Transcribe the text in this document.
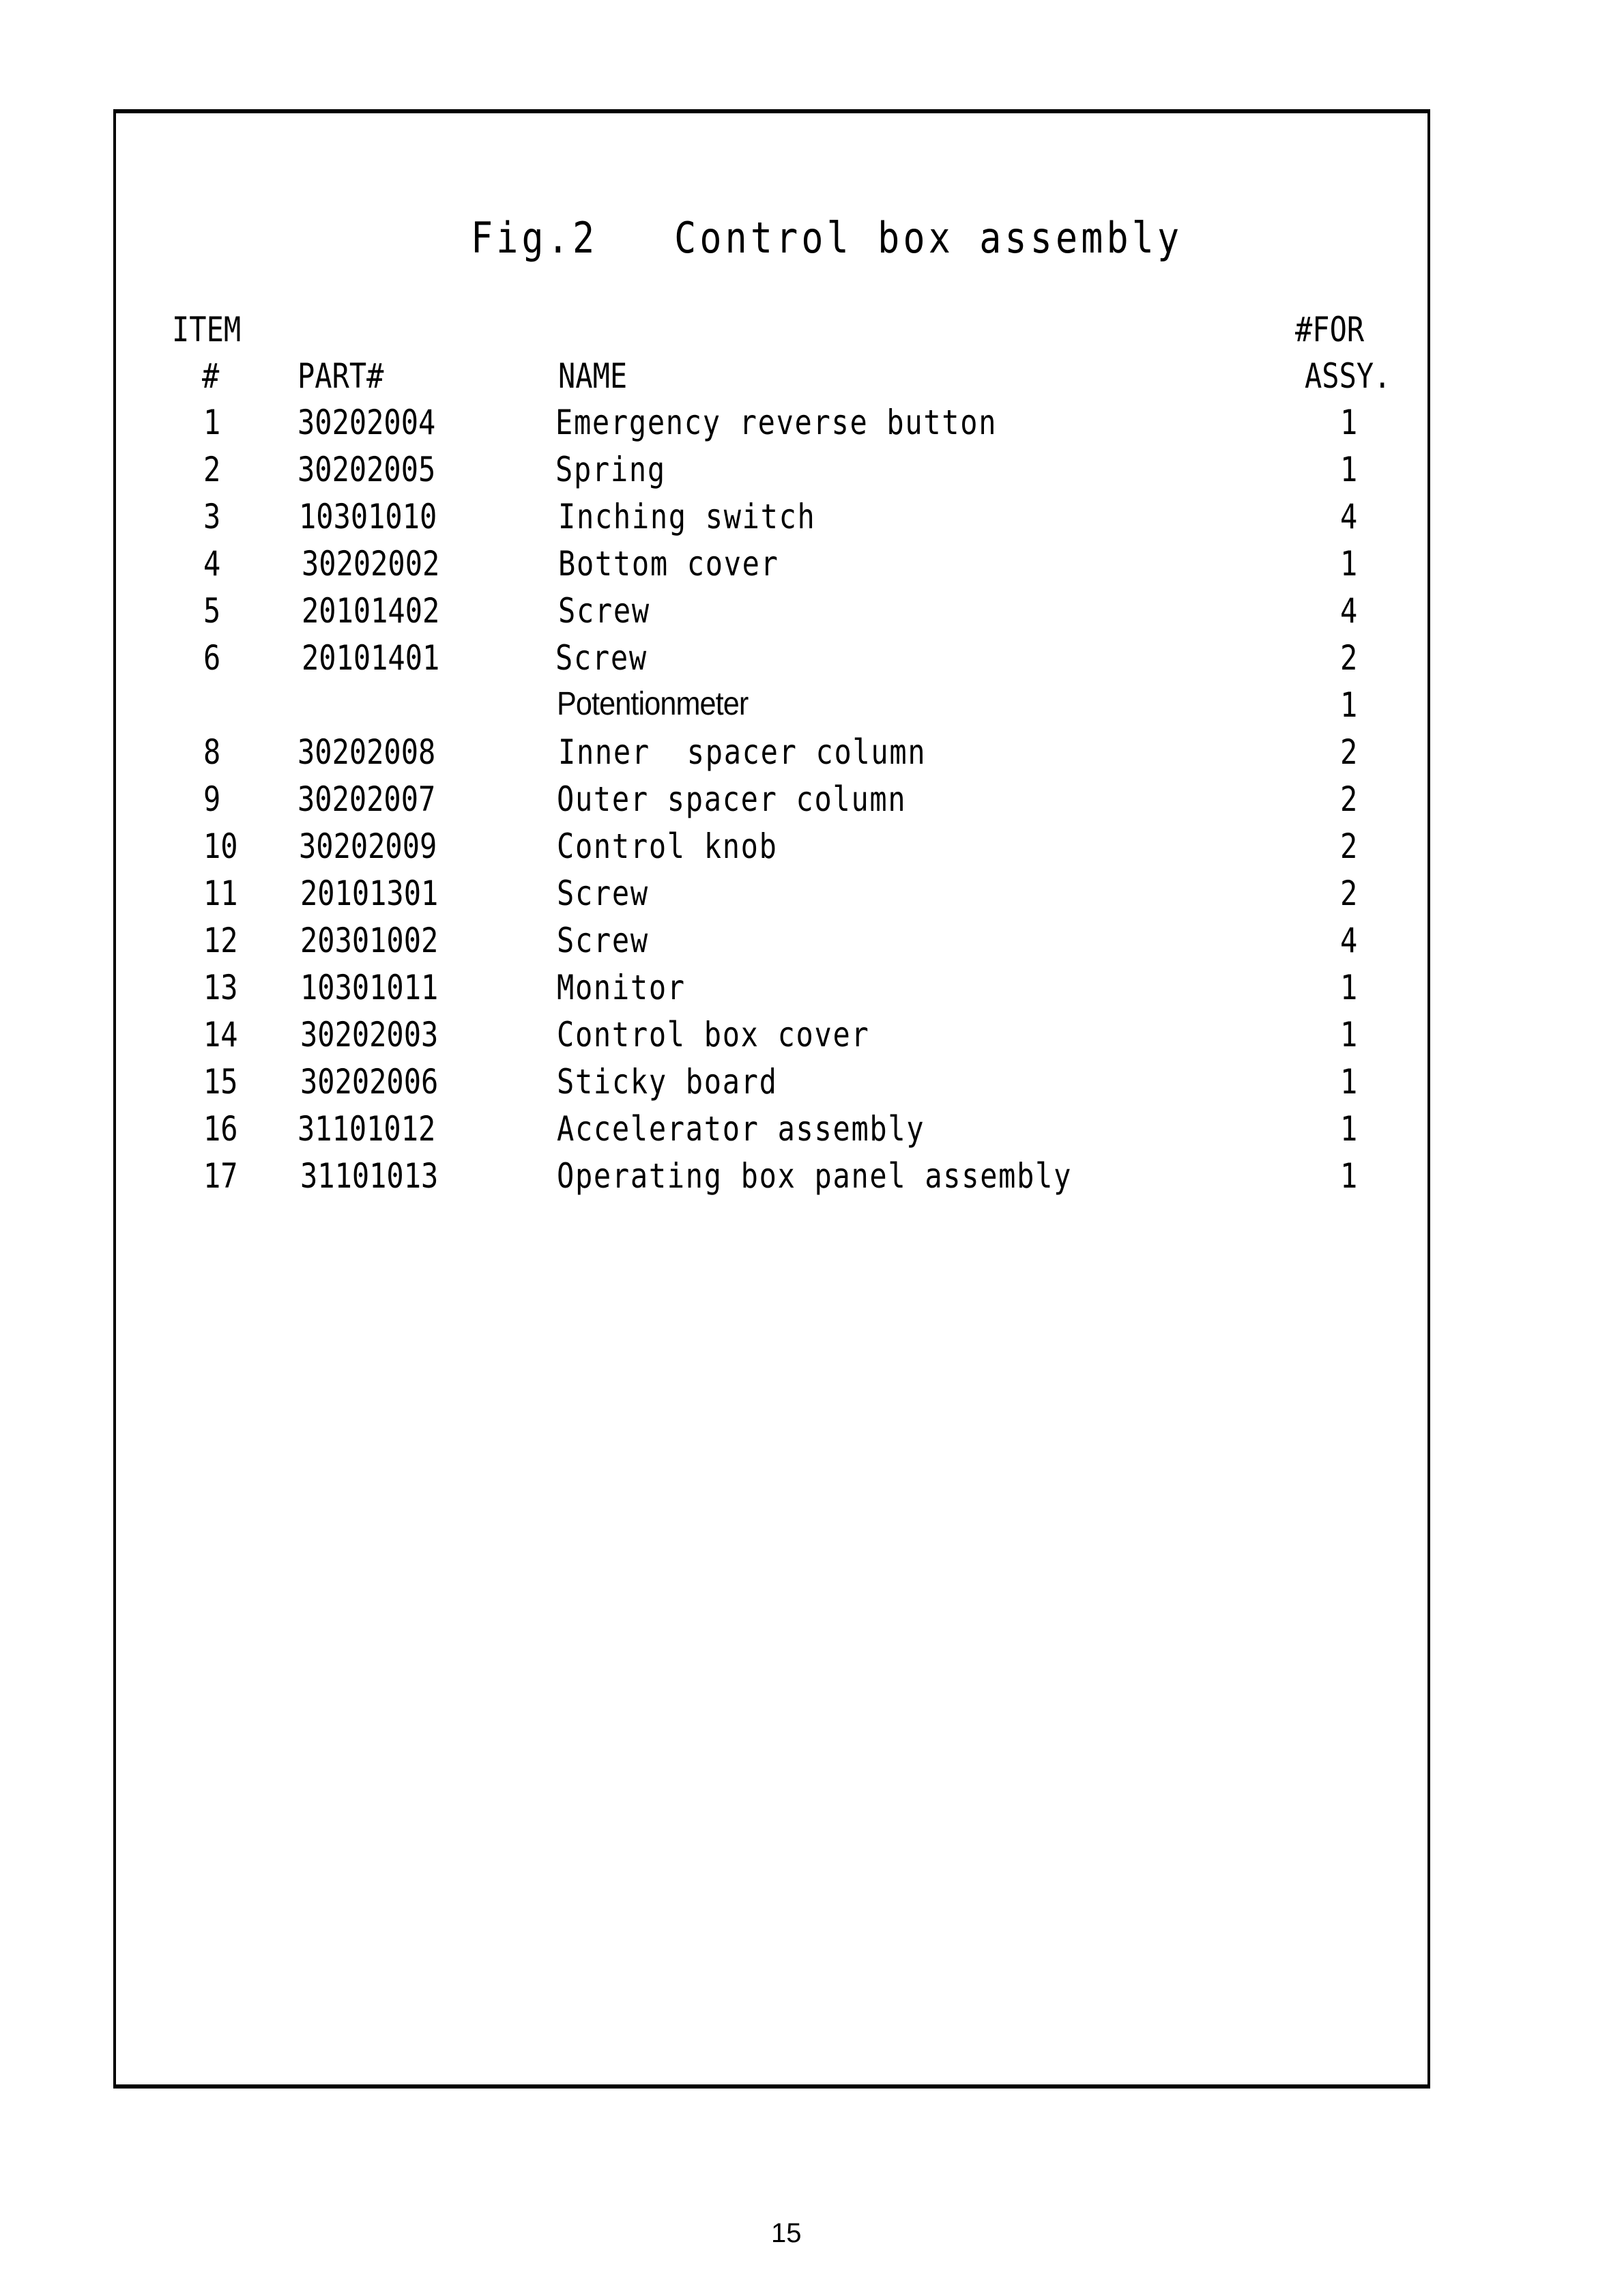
Fig.2   Control box assembly
ITEM	#FOR
# PART#	NAME	ASSY.
1 30202004	Emergency reverse button	1
2 30202005	Spring	1
3 10301010	Inching switch	4
4 30202002	Bottom cover	1
5 20101402	Screw	4
6 20101401	Screw	2
Potentionmeter	1
8 30202008	Inner  spacer column	2
9 30202007	Outer spacer column	2
10 30202009	Control knob	2
11 20101301	Screw	2
12 20301002	Screw	4
13 10301011	Monitor	1
14 30202003	Control box cover	1
15 30202006	Sticky board	1
16 31101012	Accelerator assembly	1
17 31101013	Operating box panel assembly	1
15
